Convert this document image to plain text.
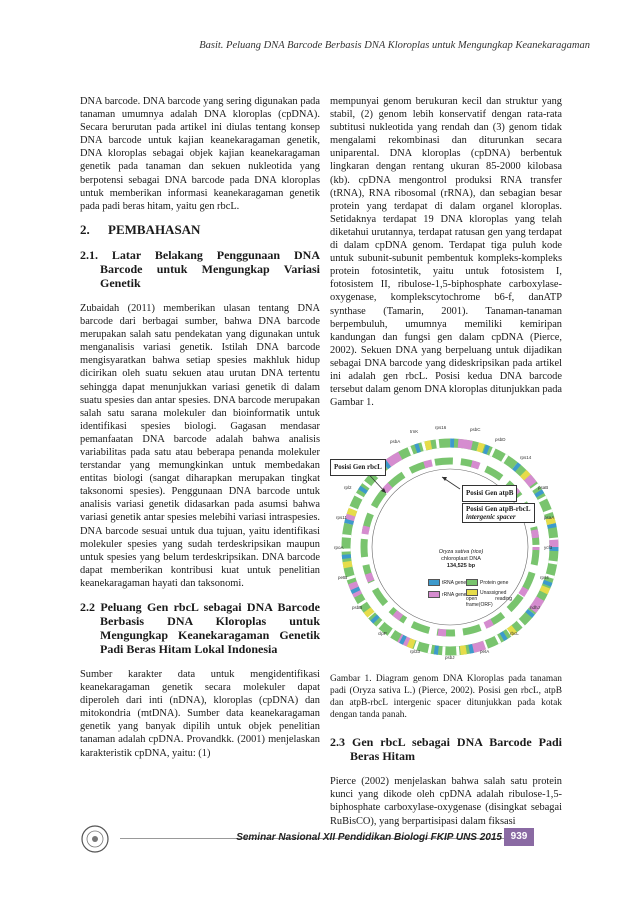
Basit. Peluang DNA Barcode Berbasis DNA Kloroplas untuk Mengungkap Keanekaragaman

DNA barcode. DNA barcode yang sering digunakan pada tanaman umumnya adalah DNA kloroplas (cpDNA). Secara berurutan pada artikel ini diulas tentang konsep DNA barcode untuk kajian keanekaragaman genetik, DNA kloroplas sebagai objek kajian keanekaragaman genetik pada tanaman dan sekuen nukleotida yang berpotensi sebagai DNA barcode pada DNA kloroplas untuk memberikan informasi keanekaragaman genetik pada padi beras hitam, yaitu gen rbcL.

2. PEMBAHASAN
2.1. Latar Belakang Penggunaan DNA Barcode untuk Mengungkap Variasi Genetik

Zubaidah (2011) memberikan ulasan tentang DNA barcode dari berbagai sumber, bahwa DNA barcode merupakan salah satu pendekatan yang digunakan untuk menganalisis variasi genetik. Istilah DNA barcode mengisyaratkan bahwa setiap spesies makhluk hidup dicirikan oleh suatu sekuen atau urutan DNA tertentu sehingga dapat menunjukkan variasi genetik di dalam suatu spesies dan antar spesies. DNA barcode merupakan salah satu sarana molekuler dan bioinformatik untuk identifikasi spesies biologi. Gagasan mendasar pemanfaatan DNA barcode adalah bahwa analisis variabilitas pada satu atau beberapa penanda molekuler terstandar yang memungkinkan untuk membedakan entitas biologi (sangat diharapkan merupakan tingkat taksonomi spesies). Penggunaan DNA barcode untuk analisis variasi genetik didasarkan pada asumsi bahwa variasi genetik antar spesies melebihi variasi intraspesies. DNA barcode sesuai untuk dua tujuan, yaitu identifikasi molekuler spesies yang sudah terdeskripsikan maupun untuk spesies yang belum terdeskripsikan. DNA barcode dapat memberikan kontribusi kuat untuk penelitian keanekaragaman hayati dan taksonomi.

2.2 Peluang Gen rbcL sebagai DNA Barcode Berbasis DNA Kloroplas untuk Mengungkap Keanekaragaman Genetik Padi Beras Hitam Lokal Indonesia

Sumber karakter data untuk mengidentifikasi keanekaragaman genetik secara molekuler dapat diperoleh dari inti (nDNA), kloroplas (cpDNA) dan mitokondria (mtDNA). Sumber data keanekaragaman genetik yang banyak dipilih untuk objek penelitian tanaman adalah cpDNA. Provandkk. (2001) menjelaskan karakteristik cpDNA, yaitu: (1)

mempunyai genom berukuran kecil dan struktur yang stabil, (2) genom lebih konservatif dengan rata-rata subtitusi nukleotida yang rendah dan (3) genom tidak mengalami rekombinasi dan diturunkan secara uniparental. DNA kloroplas (cpDNA) berbentuk lingkaran dengan rentang ukuran 85-2000 kilobasa (kb). cpDNA mengontrol produksi RNA transfer (tRNA), RNA ribosomal (rRNA), dan sebagian besar protein yang terdapat di dalam organel kloroplas. Setidaknya terdapat 19 DNA kloroplas yang telah diketahui urutannya, terdapat ratusan gen yang terdapat di dalam cpDNA genom. Terdapat tiga puluh kode untuk subunit-subunit pembentuk kompleks-kompleks protein fotosintetik, yaitu untuk fotosistem I, fotosistem II, ribulose-1,5-biphosphate carboxylase-oxygenase, komplekscytochrome b6-f, danATP synthase (Tamarin, 2001). Tanaman-tanaman berpembuluh, umumnya memiliki kemiripan kandungan dan fungsi gen dalam cpDNA (Pierce, 2002). Sekuen DNA yang berpeluang untuk dijadikan sebagai DNA barcode yang dideskripsikan pada artikel ini adalah gen rbcL. Posisi kedua DNA barcode tersebut dalam genom DNA kloroplas ditunjukkan pada Gambar 1.

psbA
trnK
rps16	psbC
psbD
rps14
psaB
psaA
ycf3
rps4
ndhJ
rbcL
petA
psbJ
rpl33
clpP
psbB
petB
rpoA
rps11
rpl2
Posisi Gen rbcL
Posisi Gen atpB
Posisi Gen atpB-rbcL
intergenic spacer
Oryza sativa (rice)
chloroplast DNA
134,525 bp
tRNA gene	Protein gene
rRNA gene	Unassigned open reading frame(ORF)

Gambar 1. Diagram genom DNA Kloroplas pada tanaman padi (Oryza sativa L.) (Pierce, 2002). Posisi gen rbcL, atpB dan atpB-rbcL intergenic spacer ditunjukkan pada kotak dengan tanda panah.

2.3 Gen rbcL sebagai DNA Barcode Padi Beras Hitam

Pierce (2002) menjelaskan bahwa salah satu protein kunci yang dikode oleh cpDNA adalah ribulose-1,5-biphosphate carboxylase-oxygenase (disingkat sebagai RuBisCO), yang berpartisipasi dalam fiksasi

Seminar Nasional XII Pendidikan Biologi FKIP UNS 2015 939
